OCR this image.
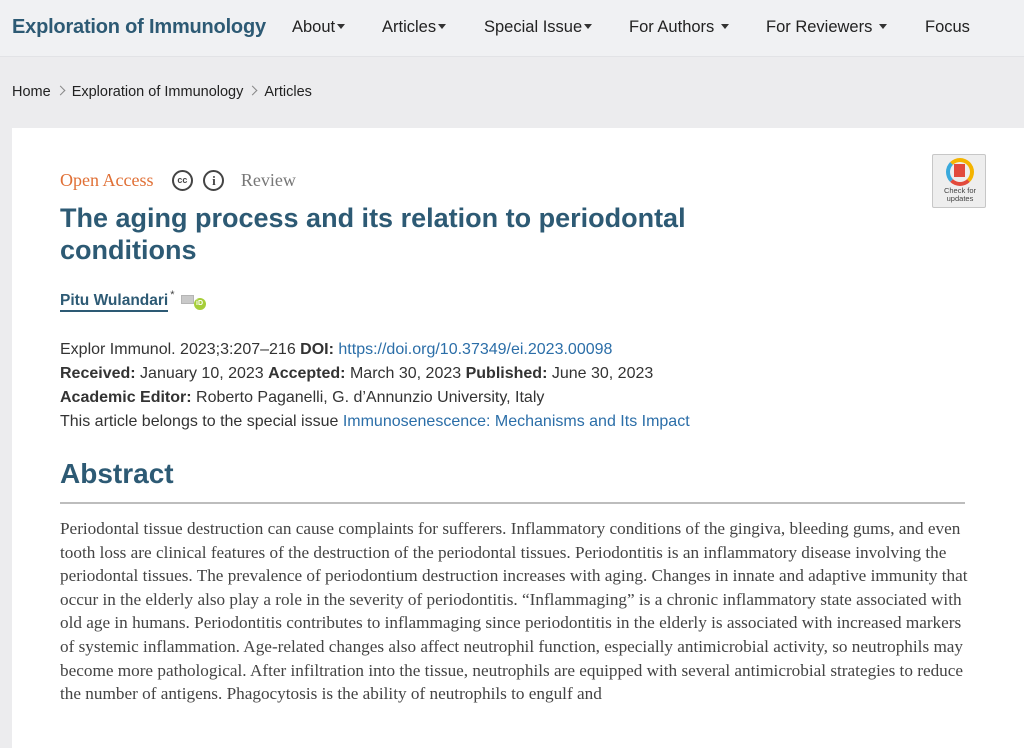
Exploration of Immunology About	Articles	Special Issue	For Authors	For Reviewers	Focus
Home Exploration of Immunology Articles
Open Access	cc i Review
Check for updates
The aging process and its relation to periodontal conditions
Pitu Wulandari *iD
Explor Immunol. 2023;3:207–216 DOI: https://doi.org/10.37349/ei.2023.00098
Received: January 10, 2023 Accepted: March 30, 2023 Published: June 30, 2023
Academic Editor: Roberto Paganelli, G. d’Annunzio University, Italy
This article belongs to the special issue Immunosenescence: Mechanisms and Its Impact
Abstract

Periodontal tissue destruction can cause complaints for sufferers. Inflammatory conditions of the gingiva, bleeding gums, and even tooth loss are clinical features of the destruction of the periodontal tissues. Periodontitis is an inflammatory disease involving the periodontal tissues. The prevalence of periodontium destruction increases with aging. Changes in innate and adaptive immunity that occur in the elderly also play a role in the severity of periodontitis. “Inflammaging” is a chronic inflammatory state associated with old age in humans. Periodontitis contributes to inflammaging since periodontitis in the elderly is associated with increased markers of systemic inflammation. Age-related changes also affect neutrophil function, especially antimicrobial activity, so neutrophils may become more pathological. After infiltration into the tissue, neutrophils are equipped with several antimicrobial strategies to reduce the number of antigens. Phagocytosis is the ability of neutrophils to engulf and
